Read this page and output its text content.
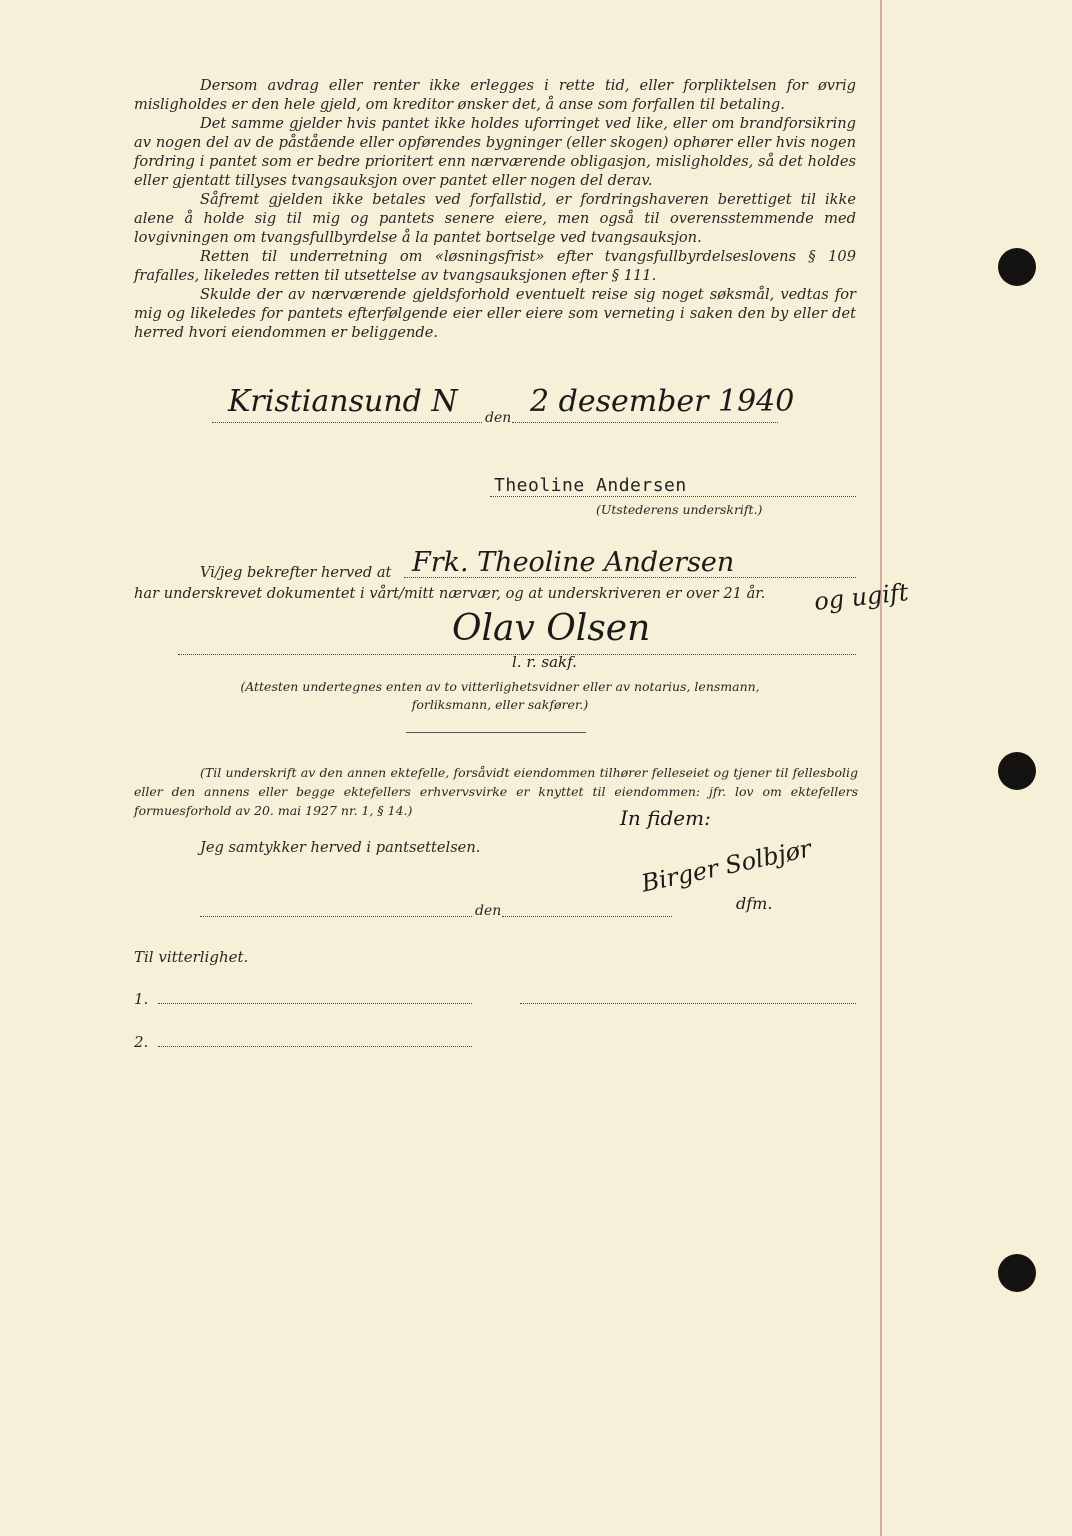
Dersom avdrag eller renter ikke erlegges i rette tid, eller forpliktelsen for øvrig misligholdes er den hele gjeld, om kreditor ønsker det, å anse som forfallen til betaling.

Det samme gjelder hvis pantet ikke holdes uforringet ved like, eller om brandforsikring av nogen del av de påstående eller opførendes bygninger (eller skogen) ophører eller hvis nogen fordring i pantet som er bedre prioritert enn nærværende obligasjon, misligholdes, så det holdes eller gjentatt tillyses tvangsauksjon over pantet eller nogen del derav.

Såfremt gjelden ikke betales ved forfallstid, er fordringshaveren berettiget til ikke alene å holde sig til mig og pantets senere eiere, men også til overensstemmende med lovgivningen om tvangsfullbyrdelse å la pantet bortselge ved tvangsauksjon.

Retten til underretning om «løsningsfrist» efter tvangsfullbyrdelseslovens § 109 frafalles, likeledes retten til utsettelse av tvangsauksjonen efter § 111.

Skulde der av nærværende gjeldsforhold eventuelt reise sig noget søksmål, vedtas for mig og likeledes for pantets efterfølgende eier eller eiere som verneting i saken den by eller det herred hvori eiendommen er beliggende.

Kristiansund N den 2 desember 1940
Theoline Andersen
(Utstederens underskrift.)
Vi/jeg bekrefter herved at Frk. Theoline Andersen
har underskrevet dokumentet i vårt/mitt nærvær, og at underskriveren er over 21 år. og ugift
Olav Olsen
l. r. sakf.
(Attesten undertegnes enten av to vitterlighetsvidner eller av notarius, lensmann, forliksmann, eller sakfører.)

(Til underskrift av den annen ektefelle, forsåvidt eiendommen tilhører felleseiet og tjener til fellesbolig eller den annens eller begge ektefellers erhvervsvirke er knyttet til eiendommen: jfr. lov om ektefellers formuesforhold av 20. mai 1927 nr. 1, § 14.)

Jeg samtykker herved i pantsettelsen.
den
In fidem:
Birger Solbjør
dfm.
Til vitterlighet.
1.
2.
